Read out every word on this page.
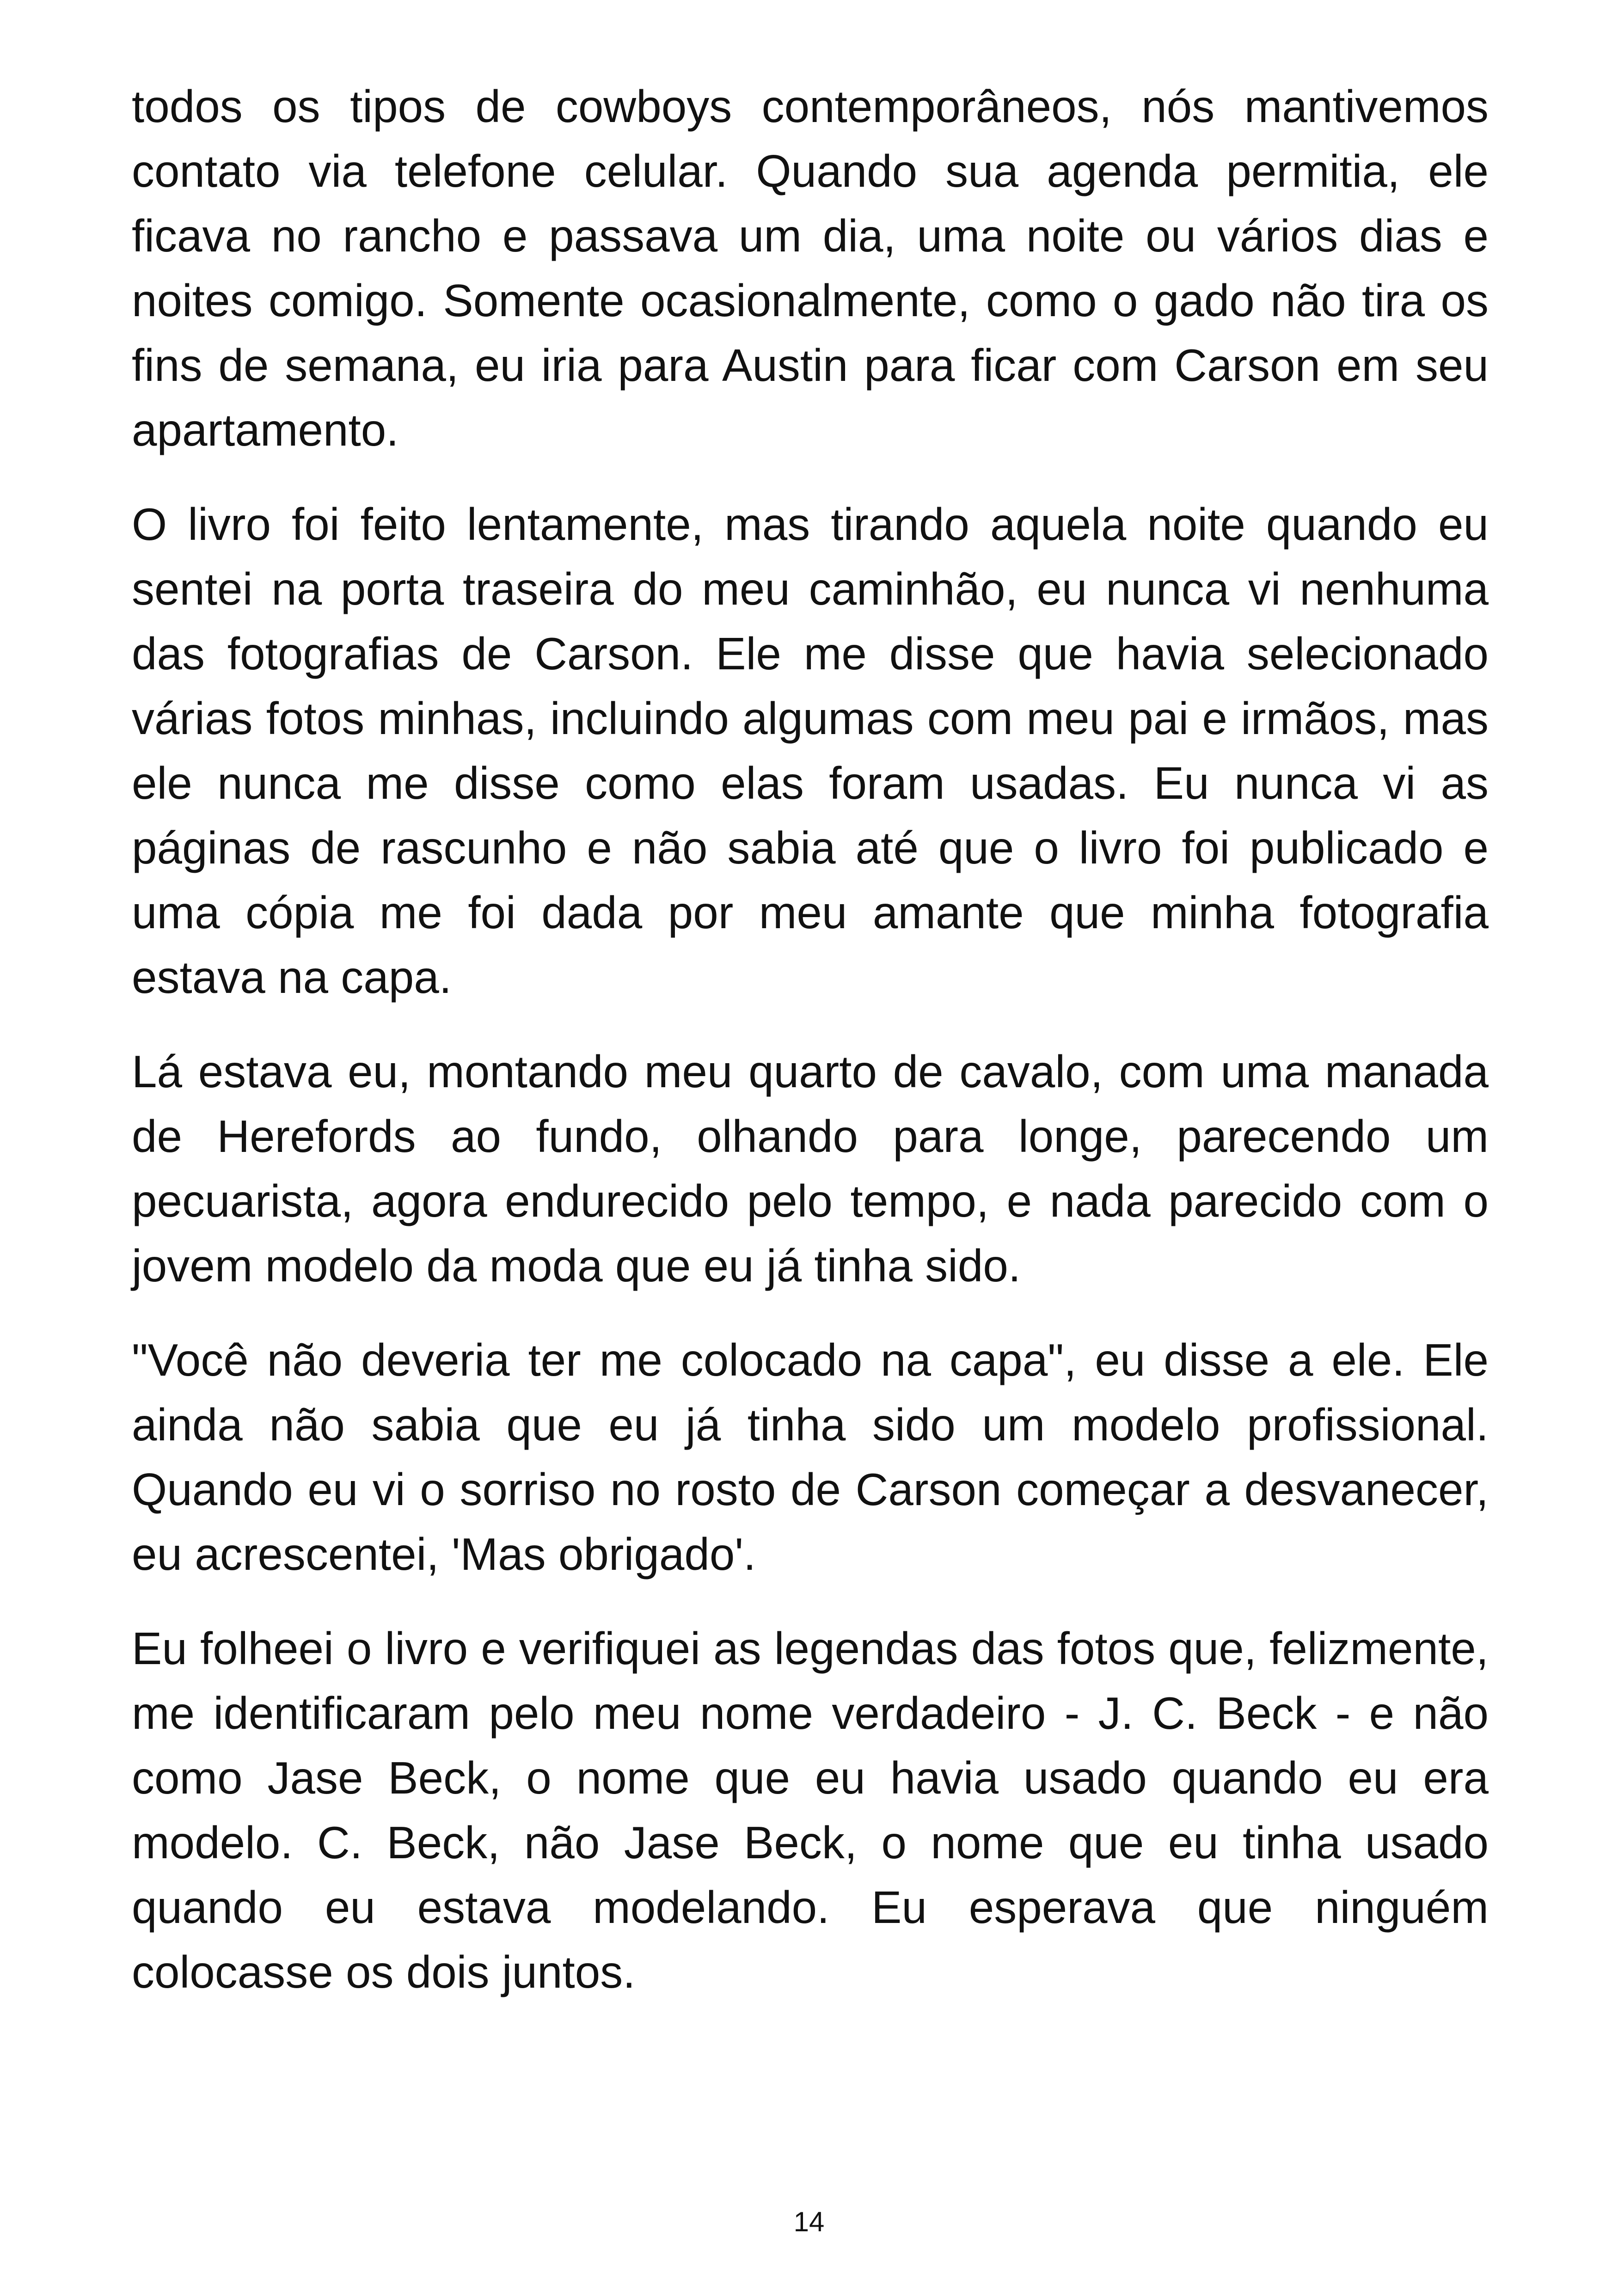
todos os tipos de cowboys contemporâneos, nós mantivemos contato via telefone celular. Quando sua agenda permitia, ele ficava no rancho e passava um dia, uma noite ou vários dias e noites comigo. Somente ocasionalmente, como o gado não tira os fins de semana, eu iria para Austin para ficar com Carson em seu apartamento.

O livro foi feito lentamente, mas tirando aquela noite quando eu sentei na porta traseira do meu caminhão, eu nunca vi nenhuma das fotografias de Carson. Ele me disse que havia selecionado várias fotos minhas, incluindo algumas com meu pai e irmãos, mas ele nunca me disse como elas foram usadas. Eu nunca vi as páginas de rascunho e não sabia até que o livro foi publicado e uma cópia me foi dada por meu amante que minha fotografia estava na capa.

Lá estava eu, montando meu quarto de cavalo, com uma manada de Herefords ao fundo, olhando para longe, parecendo um pecuarista, agora endurecido pelo tempo, e nada parecido com o jovem modelo da moda que eu já tinha sido.

"Você não deveria ter me colocado na capa", eu disse a ele. Ele ainda não sabia que eu já tinha sido um modelo profissional. Quando eu vi o sorriso no rosto de Carson começar a desvanecer, eu acrescentei, 'Mas obrigado'.

Eu folheei o livro e verifiquei as legendas das fotos que, felizmente, me identificaram pelo meu nome verdadeiro - J. C. Beck - e não como Jase Beck, o nome que eu havia usado quando eu era modelo. C. Beck, não Jase Beck, o nome que eu tinha usado quando eu estava modelando. Eu esperava que ninguém colocasse os dois juntos.

14
